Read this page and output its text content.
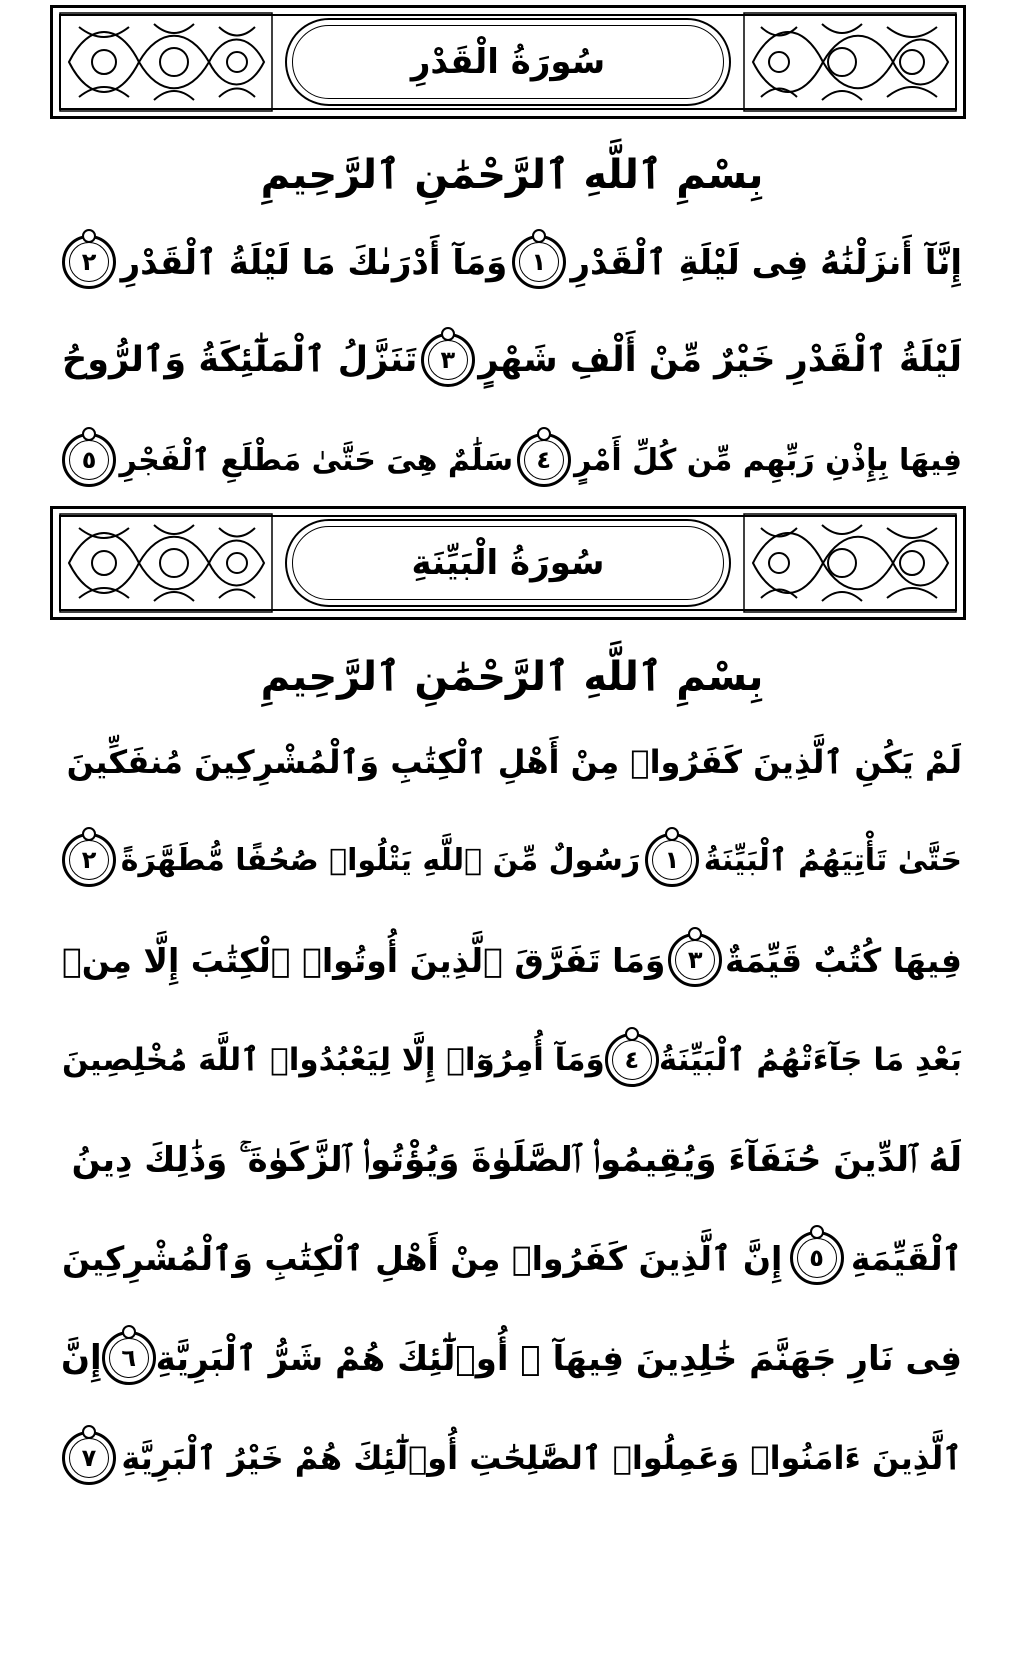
سُورَةُ الْقَدْرِ
بِسْمِ ٱللَّهِ ٱلرَّحْمَٰنِ ٱلرَّحِيمِ
إِنَّآ أَنزَلْنَٰهُ فِى لَيْلَةِ ٱلْقَدْرِ
١
وَمَآ أَدْرَىٰكَ مَا لَيْلَةُ ٱلْقَدْرِ
٢
لَيْلَةُ ٱلْقَدْرِ خَيْرٌ مِّنْ أَلْفِ شَهْرٍ
٣
تَنَزَّلُ ٱلْمَلَٰٓئِكَةُ وَٱلرُّوحُ
فِيهَا بِإِذْنِ رَبِّهِم مِّن كُلِّ أَمْرٍ
٤
سَلَٰمٌ هِىَ حَتَّىٰ مَطْلَعِ ٱلْفَجْرِ
٥
سُورَةُ الْبَيِّنَةِ
بِسْمِ ٱللَّهِ ٱلرَّحْمَٰنِ ٱلرَّحِيمِ
لَمْ يَكُنِ ٱلَّذِينَ كَفَرُوا۟ مِنْ أَهْلِ ٱلْكِتَٰبِ وَٱلْمُشْرِكِينَ مُنفَكِّينَ
حَتَّىٰ تَأْتِيَهُمُ ٱلْبَيِّنَةُ
١
رَسُولٌ مِّنَ ٱللَّهِ يَتْلُوا۟ صُحُفًا مُّطَهَّرَةً
٢
فِيهَا كُتُبٌ قَيِّمَةٌ
٣
وَمَا تَفَرَّقَ ٱلَّذِينَ أُوتُوا۟ ٱلْكِتَٰبَ إِلَّا مِنۢ
بَعْدِ مَا جَآءَتْهُمُ ٱلْبَيِّنَةُ
٤
وَمَآ أُمِرُوٓا۟ إِلَّا لِيَعْبُدُوا۟ ٱللَّهَ مُخْلِصِينَ
لَهُ ٱلدِّينَ حُنَفَآءَ وَيُقِيمُوا۟ ٱلصَّلَوٰةَ وَيُؤْتُوا۟ ٱلزَّكَوٰةَ ۚ وَذَٰلِكَ دِينُ
ٱلْقَيِّمَةِ
٥
إِنَّ ٱلَّذِينَ كَفَرُوا۟ مِنْ أَهْلِ ٱلْكِتَٰبِ وَٱلْمُشْرِكِينَ
فِى نَارِ جَهَنَّمَ خَٰلِدِينَ فِيهَآ ۚ أُو۟لَٰٓئِكَ هُمْ شَرُّ ٱلْبَرِيَّةِ
٦
إِنَّ
ٱلَّذِينَ ءَامَنُوا۟ وَعَمِلُوا۟ ٱلصَّٰلِحَٰتِ أُو۟لَٰٓئِكَ هُمْ خَيْرُ ٱلْبَرِيَّةِ
٧
